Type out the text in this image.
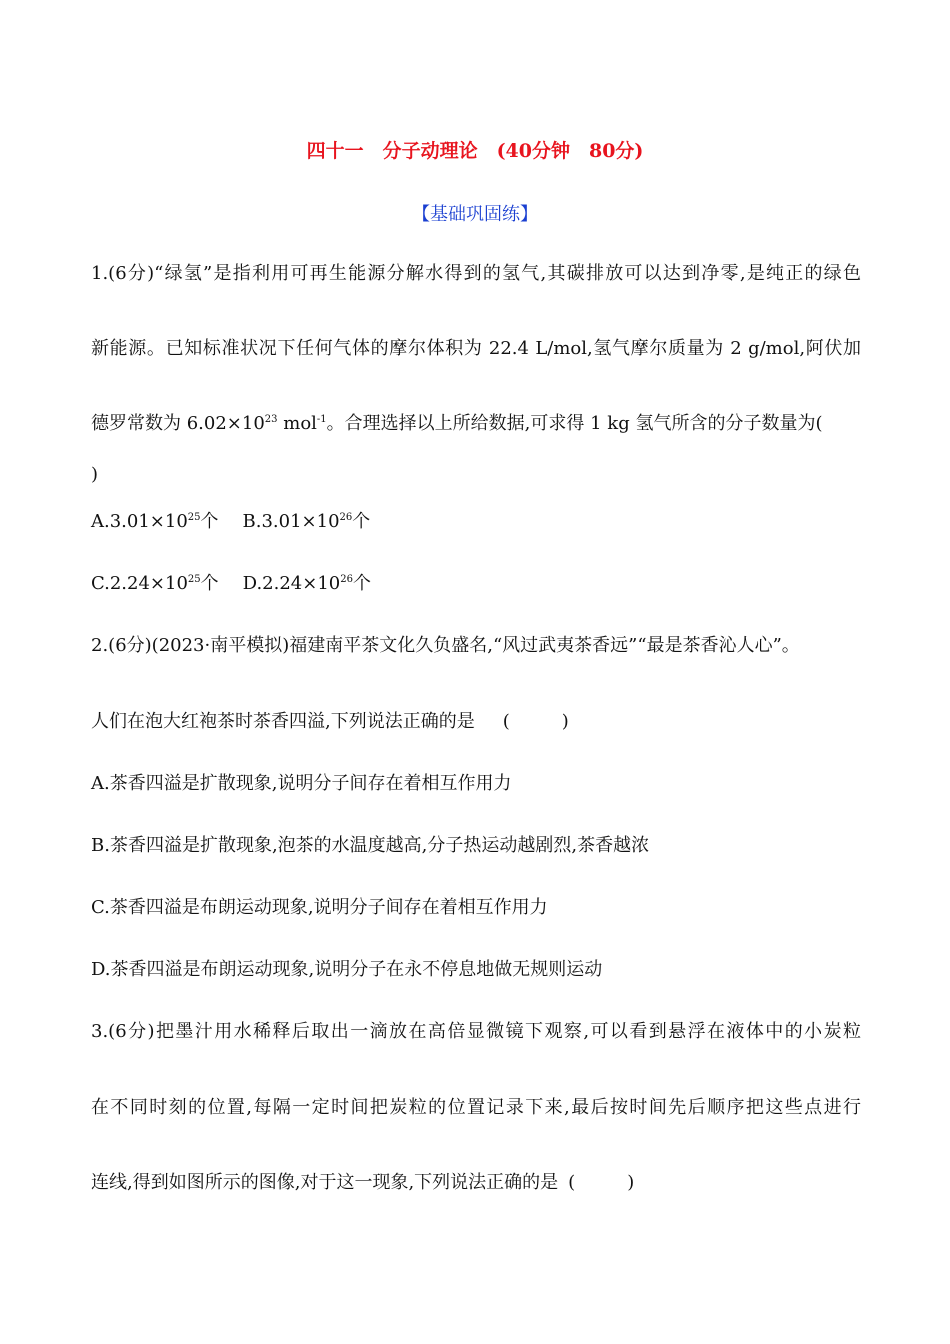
四十一　分子动理论　(40分钟　80分)
【基础巩固练】
1.(6分)“绿氢”是指利用可再生能源分解水得到的氢气,其碳排放可以达到净零,是纯正的绿色
新能源。已知标准状况下任何气体的摩尔体积为 22.4 L/mol,氢气摩尔质量为 2 g/mol,阿伏加
德罗常数为 $6.02\times 10^{23}$ mol$^{-1}$。合理选择以上所给数据,可求得 1 kg 氢气所含的分子数量为(
)
$A.3.01\times 10^{25}$个 $B.3.01\times 10^{26}$个
$C.2.24\times 10^{25}$个 $D.2.24\times 10^{26}$个
2.(6分)(2023·南平模拟)福建南平茶文化久负盛名,“风过武夷茶香远”“最是茶香沁人心”。
人们在泡大红袍茶时茶香四溢,下列说法正确的是 (	)
A.茶香四溢是扩散现象,说明分子间存在着相互作用力
B.茶香四溢是扩散现象,泡茶的水温度越高,分子热运动越剧烈,茶香越浓
C.茶香四溢是布朗运动现象,说明分子间存在着相互作用力
D.茶香四溢是布朗运动现象,说明分子在永不停息地做无规则运动
3.(6分)把墨汁用水稀释后取出一滴放在高倍显微镜下观察,可以看到悬浮在液体中的小炭粒
在不同时刻的位置,每隔一定时间把炭粒的位置记录下来,最后按时间先后顺序把这些点进行
连线,得到如图所示的图像,对于这一现象,下列说法正确的是 (	)
